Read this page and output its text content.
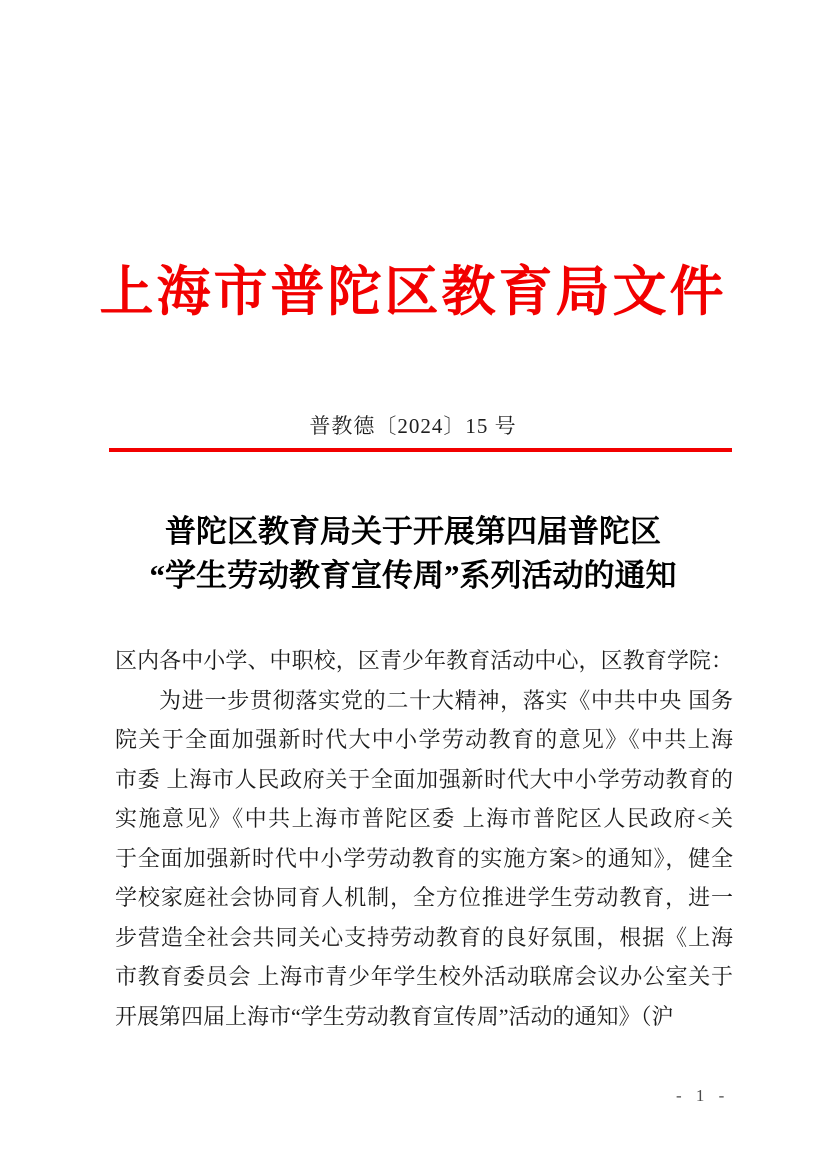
上海市普陀区教育局文件
普教德〔2024〕15 号
普陀区教育局关于开展第四届普陀区
“学生劳动教育宣传周”系列活动的通知
区内各中小学、中职校，区青少年教育活动中心，区教育学院：
为进一步贯彻落实党的二十大精神，落实《中共中央 国务
院关于全面加强新时代大中小学劳动教育的意见》《中共上海
市委 上海市人民政府关于全面加强新时代大中小学劳动教育的
实施意见》《中共上海市普陀区委 上海市普陀区人民政府<关
于全面加强新时代中小学劳动教育的实施方案>的通知》，健全
学校家庭社会协同育人机制，全方位推进学生劳动教育，进一
步营造全社会共同关心支持劳动教育的良好氛围，根据《上海
市教育委员会 上海市青少年学生校外活动联席会议办公室关于
开展第四届上海市“学生劳动教育宣传周”活动的通知》（沪
- 1 -
